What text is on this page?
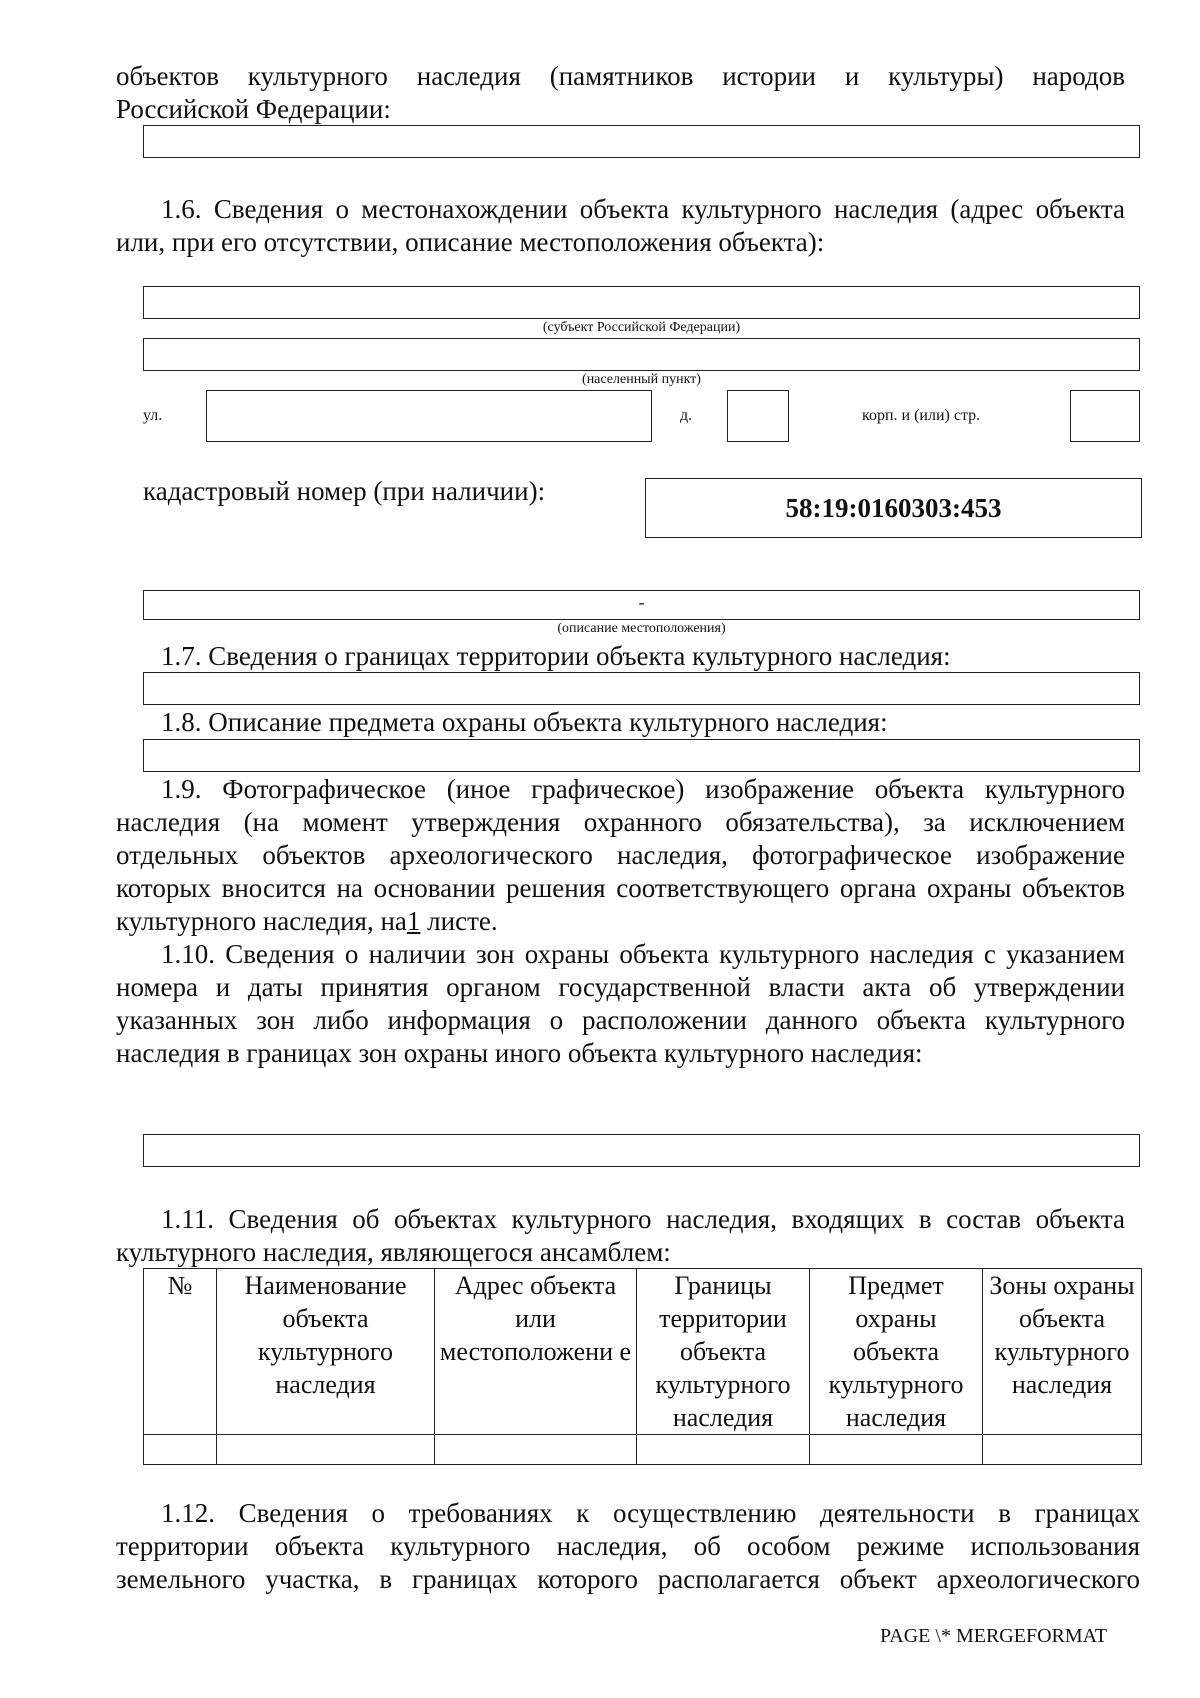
объектов культурного наследия (памятников истории и культуры) народов

Российской Федерации:

1.6. Сведения о местонахождении объекта культурного наследия (адрес объекта или, при его отсутствии, описание местоположения объекта):

(субъект Российской Федерации)
(населенный пункт)
ул.	д.	корп. и (или) стр.
кадастровый номер (при наличии):
58:19:0160303:453
-
(описание местоположения)

1.7. Сведения о границах территории объекта культурного наследия:

1.8. Описание предмета охраны объекта культурного наследия:

1.9. Фотографическое (иное графическое) изображение объекта культурного наследия (на момент утверждения охранного обязательства), за исключением отдельных объектов археологического наследия, фотографическое изображение которых вносится на основании решения соответствующего органа охраны объектов культурного наследия, на1 листе.

1.10. Сведения о наличии зон охраны объекта культурного наследия с указанием номера и даты принятия органом государственной власти акта об утверждении указанных зон либо информация о расположении данного объекта культурного наследия в границах зон охраны иного объекта культурного наследия:

1.11. Сведения об объектах культурного наследия, входящих в состав объекта культурного наследия, являющегося ансамблем:

№	Наименование объекта культурного наследия	Адрес объекта или местоположени е	Границы территории объекта культурного наследия	Предмет охраны объекта культурного наследия	Зоны охраны объекта культурного наследия

1.12. Сведения о требованиях к осуществлению деятельности в границах территории объекта культурного наследия, об особом режиме использования земельного участка, в границах которого располагается объект археологического

PAGE \* MERGEFORMAT
